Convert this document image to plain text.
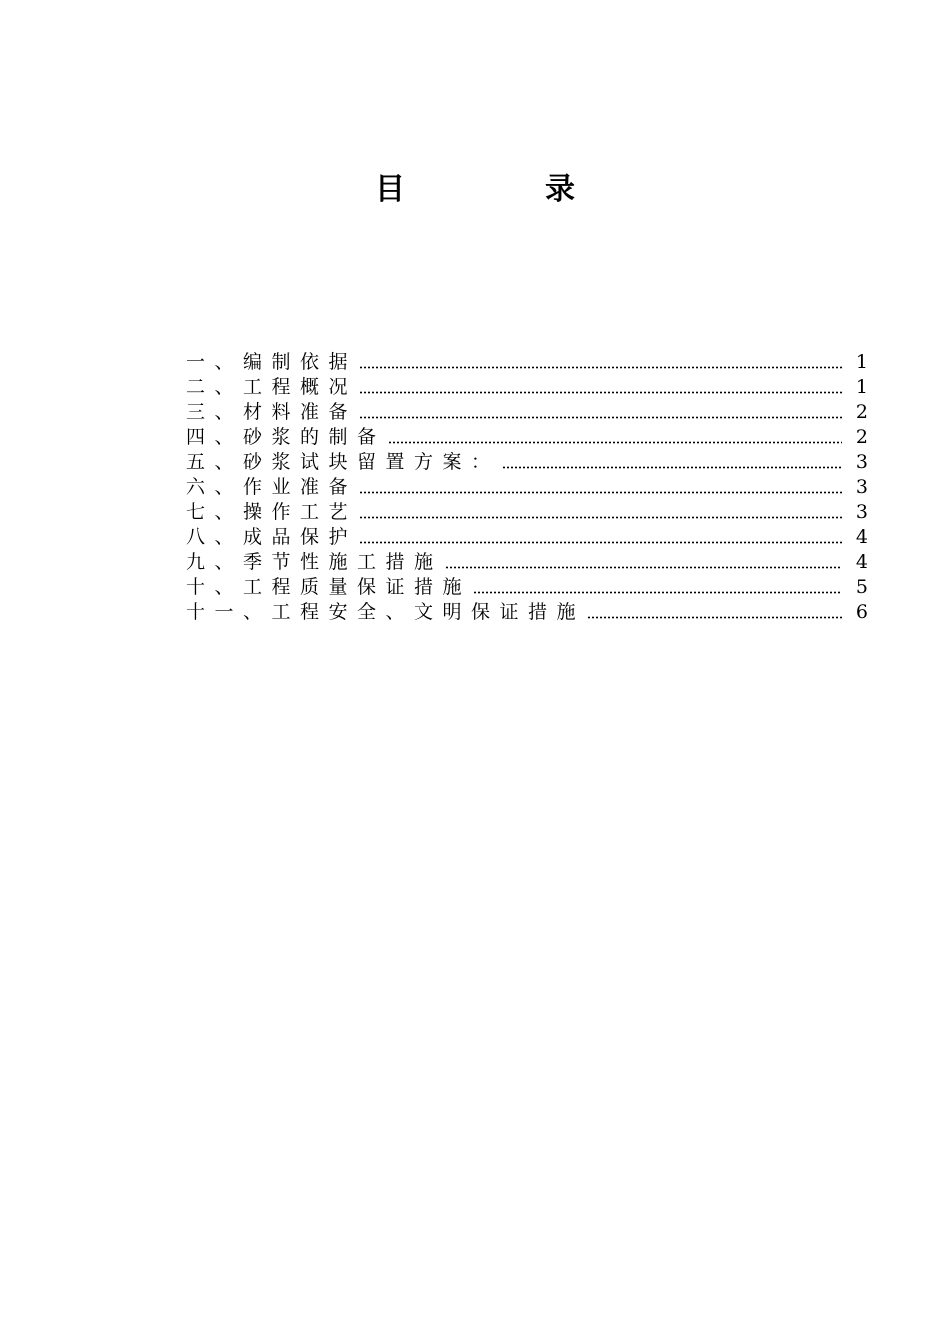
目	录
一、编制依据	1
二、工程概况	1
三、材料准备	2
四、砂浆的制备	2
五、砂浆试块留置方案：	3
六、作业准备	3
七、操作工艺	3
八、成品保护	4
九、季节性施工措施	4
十、工程质量保证措施	5
十一、工程安全、文明保证措施	6
